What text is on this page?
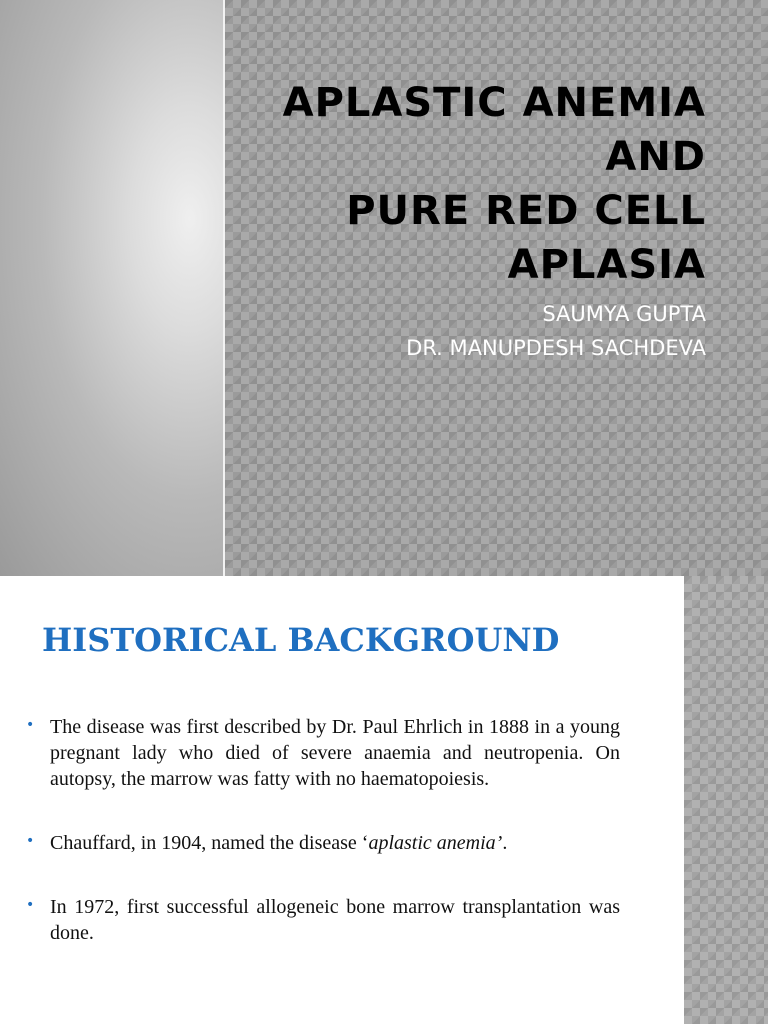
APLASTIC ANEMIA
AND
PURE RED CELL
APLASIA
SAUMYA GUPTA
DR. MANUPDESH SACHDEVA
HISTORICAL BACKGROUND
• The disease was first described by Dr. Paul Ehrlich in 1888 in a young pregnant lady who died of severe anaemia and neutropenia. On autopsy, the marrow was fatty with no haematopoiesis.
• Chauffard, in 1904, named the disease ‘aplastic anemia’.
• In 1972, first successful allogeneic bone marrow transplantation was done.
